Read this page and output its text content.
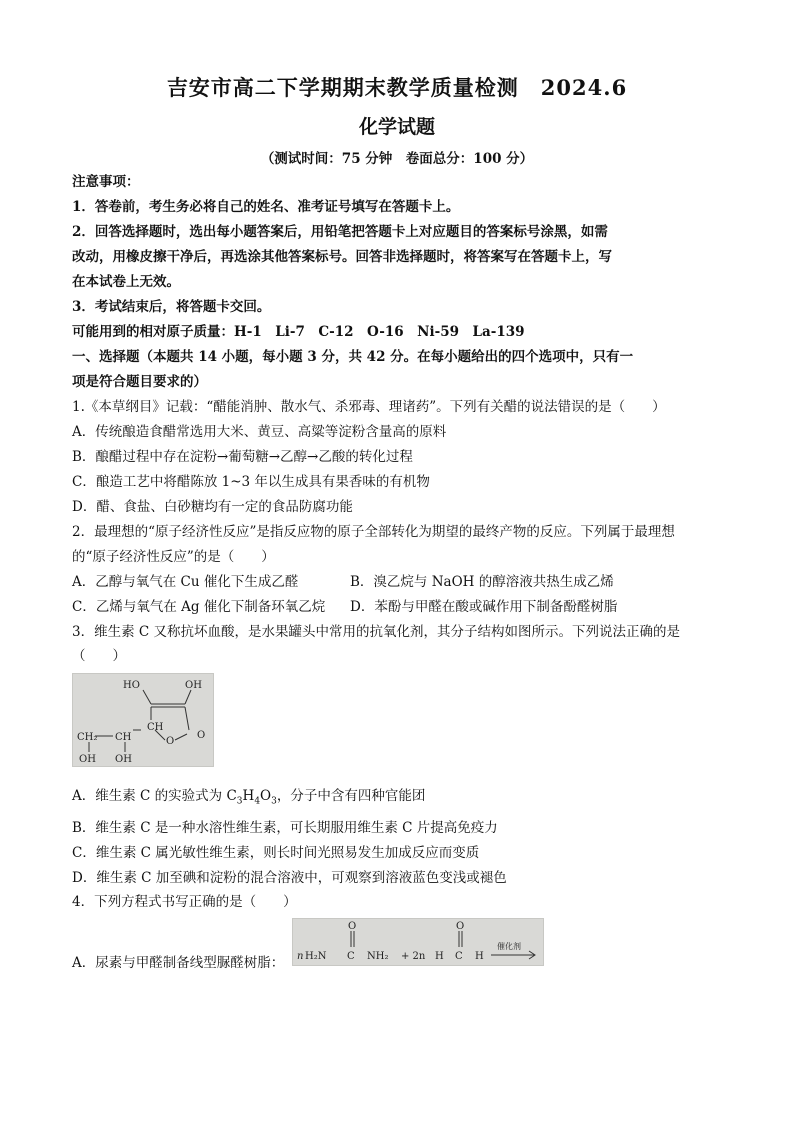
吉安市高二下学期期末教学质量检测　2024.6
化学试题
（测试时间：75 分钟　卷面总分：100 分）
注意事项：
1．答卷前，考生务必将自己的姓名、准考证号填写在答题卡上。
2．回答选择题时，选出每小题答案后，用铅笔把答题卡上对应题目的答案标号涂黑，如需
改动，用橡皮擦干净后，再选涂其他答案标号。回答非选择题时，将答案写在答题卡上，写
在本试卷上无效。
3．考试结束后，将答题卡交回。
可能用到的相对原子质量：H-1　Li-7　C-12　O-16　Ni-59　La-139
一、选择题（本题共 14 小题，每小题 3 分，共 42 分。在每小题给出的四个选项中，只有一
项是符合题目要求的）
1.《本草纲目》记载：“醋能消肿、散水气、杀邪毒、理诸药”。下列有关醋的说法错误的是（　　）
A．传统酿造食醋常选用大米、黄豆、高粱等淀粉含量高的原料
B．酿醋过程中存在淀粉→葡萄糖→乙醇→乙酸的转化过程
C．酿造工艺中将醋陈放 1~3 年以生成具有果香味的有机物
D．醋、食盐、白砂糖均有一定的食品防腐功能
2．最理想的“原子经济性反应”是指反应物的原子全部转化为期望的最终产物的反应。下列属于最理想
的“原子经济性反应”的是（　　）
A．乙醇与氧气在 Cu 催化下生成乙醛	B．溴乙烷与 NaOH 的醇溶液共热生成乙烯
C．乙烯与氧气在 Ag 催化下制备环氧乙烷 D．苯酚与甲醛在酸或碱作用下制备酚醛树脂
3．维生素 C 又称抗坏血酸，是水果罐头中常用的抗氧化剂，其分子结构如图所示。下列说法正确的是
（　　）
HO	OH
CH
CH₂ CH	O
O
OH OH
A．维生素 C 的实验式为 $C_3H_4O_3$，分子中含有四种官能团
B．维生素 C 是一种水溶性维生素，可长期服用维生素 C 片提高免疫力
C．维生素 C 属光敏性维生素，则长时间光照易发生加成反应而变质
D．维生素 C 加至碘和淀粉的混合溶液中，可观察到溶液蓝色变浅或褪色
4．下列方程式书写正确的是（　　）
A．尿素与甲醛制备线型脲醛树脂： n H₂N C NH₂ + 2n H C H
O	O
催化剂
